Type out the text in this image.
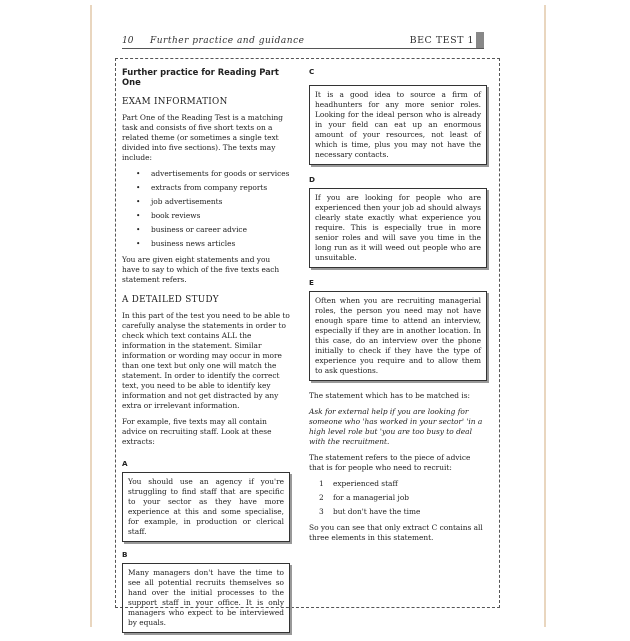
10 Further practice and guidance	BEC TEST 1
Further practice for Reading Part One
EXAM INFORMATION

Part One of the Reading Test is a matching task and consists of five short texts on a related theme (or sometimes a single text divided into five sections). The texts may include:

• advertisements for goods or services
• extracts from company reports
• job advertisements
• book reviews
• business or career advice
• business news articles

You are given eight statements and you have to say to which of the five texts each statement refers.

A DETAILED STUDY

In this part of the test you need to be able to carefully analyse the statements in order to check which text contains ALL the information in the statement. Similar information or wording may occur in more than one text but only one will match the statement. In order to identify the correct text, you need to be able to identify key information and not get distracted by any extra or irrelevant information.

For example, five texts may all contain advice on recruiting staff. Look at these extracts:

A
You should use an agency if you're struggling to find staff that are specific to your sector as they have more experience at this and some specialise, for example, in production or clerical staff.
B
Many managers don't have the time to see all potential recruits themselves so hand over the initial processes to the support staff in your office. It is only managers who expect to be interviewed by equals.
C
It is a good idea to source a firm of headhunters for any more senior roles. Looking for the ideal person who is already in your field can eat up an enormous amount of your resources, not least of which is time, plus you may not have the necessary contacts.
D
If you are looking for people who are experienced then your job ad should always clearly state exactly what experience you require. This is especially true in more senior roles and will save you time in the long run as it will weed out people who are unsuitable.
E
Often when you are recruiting managerial roles, the person you need may not have enough spare time to attend an interview, especially if they are in another location. In this case, do an interview over the phone initially to check if they have the type of experience you require and to allow them to ask questions.

The statement which has to be matched is:

Ask for external help if you are looking for someone who 'has worked in your sector' 'in a high level role but 'you are too busy to deal with the recruitment.

The statement refers to the piece of advice that is for people who need to recruit:

1 experienced staff
2 for a managerial job
3 but don't have the time

So you can see that only extract C contains all three elements in this statement.
